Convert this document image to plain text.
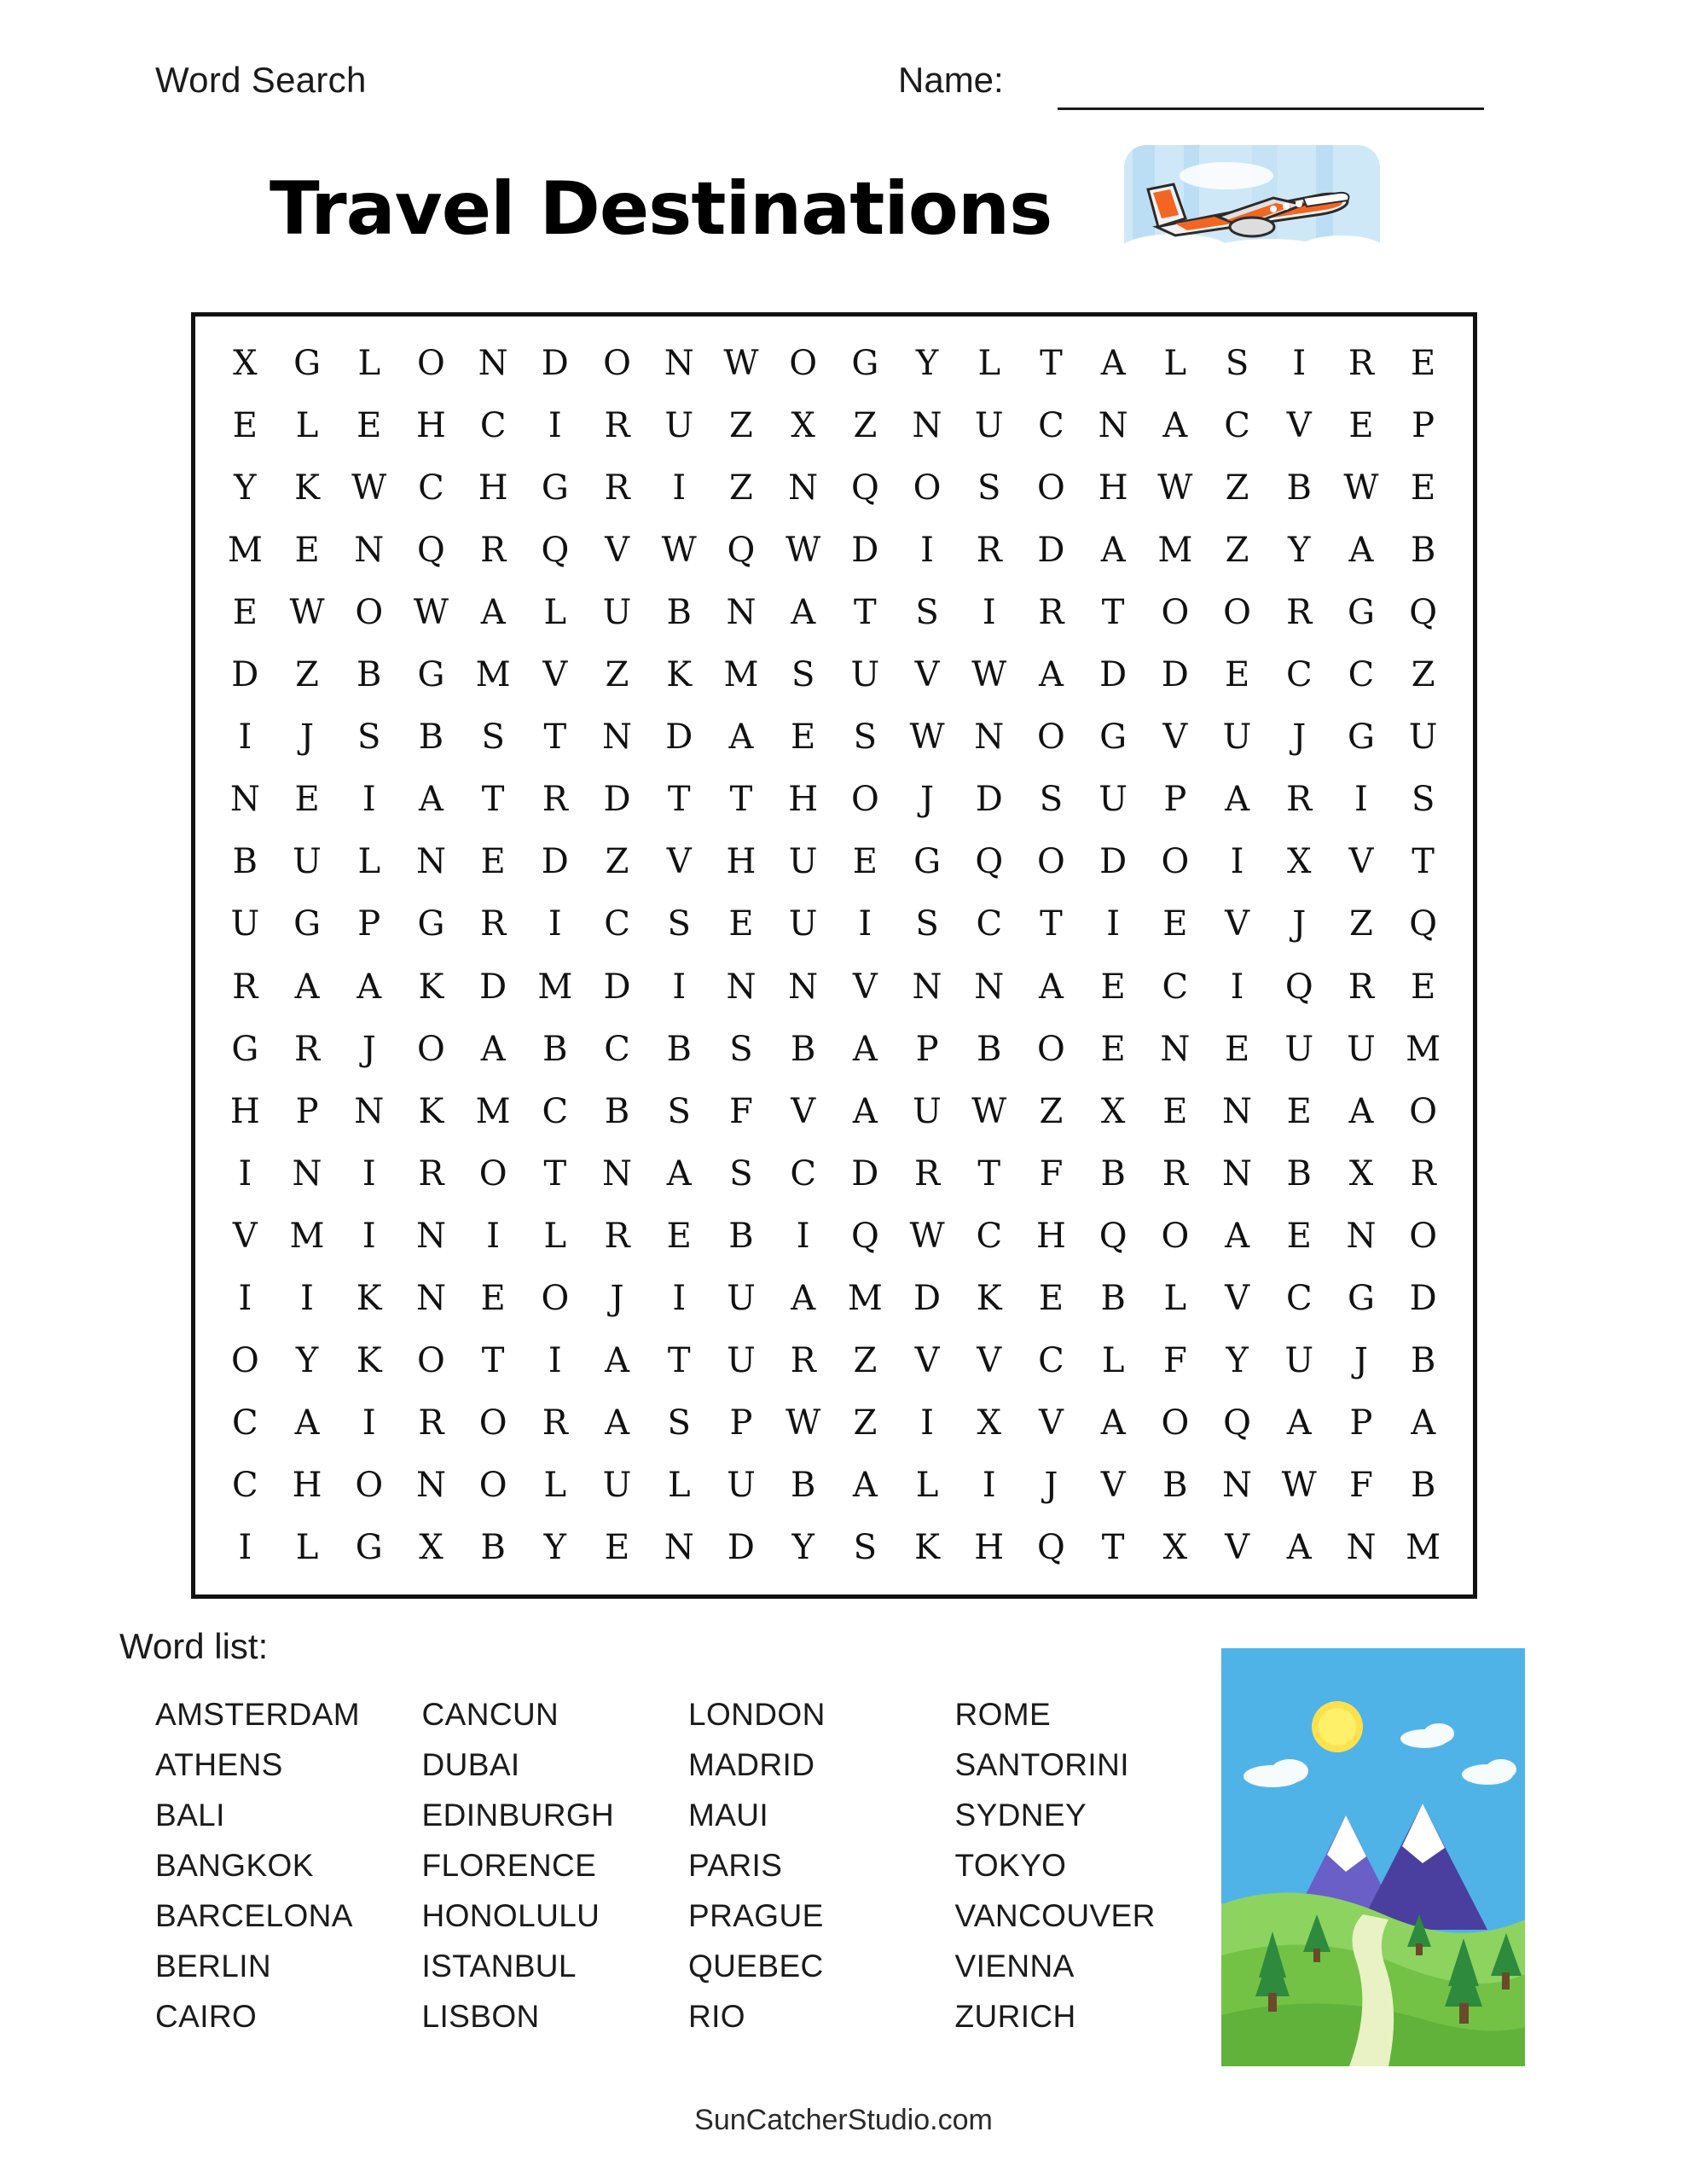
Word Search	Name:
Travel Destinations
X	G	L	O N D	O N W O	G	Y	L	T	A	L	S	I	R	E
E	L	E	H C	I	R	U	Z	X	Z	N U	C N	A	C	V	E	P
Y	K W C H G	R	I	Z	N Q O	S	O H W Z	B W E
M E	N Q	R	Q	V W Q W D	I	R	D	A M Z	Y	A	B
E W O W A	L	U	B	N	A	T	S	I	R	T	O O	R	G	Q
D	Z	B	G M V	Z	K M S	U	V W A	D	D	E	C	C	Z
I	J	S	B	S	T	N D	A	E	S W N O	G	V	U	J	G U
N	E	I	A	T	R	D	T	T	H O	J	D	S	U	P	A	R	I	S
B	U	L	N	E	D	Z	V	H U	E	G	Q O	D	O	I	X	V	T
U G	P	G	R	I	C	S	E	U	I	S	C	T	I	E	V	J	Z	Q
R	A	A	K	D M D	I	N N	V	N N	A	E	C	I	Q	R	E
G	R	J	O	A	B	C	B	S	B	A	P	B	O	E	N	E	U U M
H	P	N	K M C	B	S	F	V	A	U W Z	X	E	N	E	A	O
I	N	I	R	O	T	N	A	S	C	D	R	T	F	B	R	N	B	X	R
V M	I	N	I	L	R	E	B	I	Q W C H Q O	A	E	N O
I	I	K	N	E	O	J	I	U	A M D	K	E	B	L	V	C	G	D
O	Y	K	O	T	I	A	T	U	R	Z	V	V	C	L	F	Y	U	J	B
C	A	I	R	O	R	A	S	P W Z	I	X	V	A	O Q	A	P	A
C H O N O	L	U	L	U	B	A	L	I	J	V	B	N W F	B
I	L	G	X	B	Y	E	N D	Y	S	K	H Q	T	X	V	A	N M
Word list:
AMSTERDAM
ATHENS
BALI
BANGKOK
BARCELONA
BERLIN
CAIRO
CANCUN
DUBAI
EDINBURGH
FLORENCE
HONOLULU
ISTANBUL
LISBON
LONDON
MADRID
MAUI
PARIS
PRAGUE
QUEBEC
RIO
ROME
SANTORINI
SYDNEY
TOKYO
VANCOUVER
VIENNA
ZURICH
SunCatcherStudio.com
